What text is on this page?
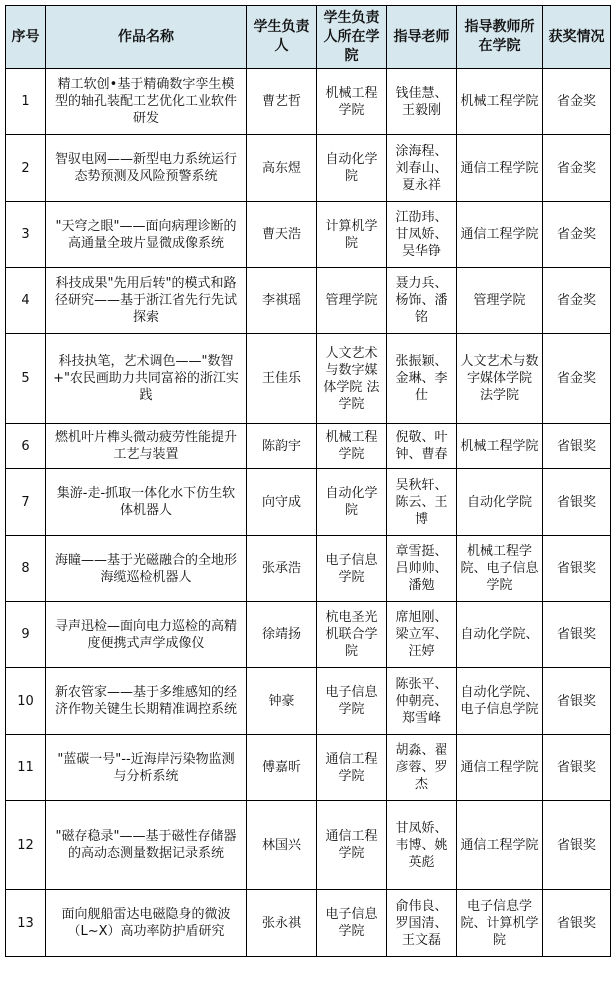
序号	作品名称	学生负责人	学生负责人所在学院	指导老师	指导教师所在学院	获奖情况
1	精工软创•基于精确数字孪生模型的轴孔装配工艺优化工业软件研发	曹艺哲	机械工程学院	钱佳慧、王毅刚	机械工程学院	省金奖
2	智驭电网——新型电力系统运行态势预测及风险预警系统	高东煜	自动化学院	涂海程、刘春山、夏永祥	通信工程学院	省金奖
3	"天穹之眼"——面向病理诊断的高通量全玻片显微成像系统	曹天浩	计算机学院	江劭玮、甘凤娇、吴华铮	通信工程学院	省金奖
4	科技成果"先用后转"的模式和路径研究——基于浙江省先行先试探索	李祺瑶	管理学院	聂力兵、杨饰、潘铭	管理学院	省金奖
5	科技执笔，艺术调色——"数智+"农民画助力共同富裕的浙江实践	王佳乐	人文艺术与数字媒体学院 法学院	张振颖、金琳、李仕	人文艺术与数字媒体学院 法学院	省金奖
6	燃机叶片榫头微动疲劳性能提升工艺与装置	陈韵宇	机械工程学院	倪敬、叶钟、曹春	机械工程学院	省银奖
7	集游-走-抓取一体化水下仿生软体机器人	向守成	自动化学院	吴秋轩、陈云、王博	自动化学院	省银奖
8	海瞳——基于光磁融合的全地形海缆巡检机器人	张承浩	电子信息学院	章雪挺、吕帅帅、潘勉	机械工程学院、电子信息学院	省银奖
9	寻声迅检—面向电力巡检的高精度便携式声学成像仪	徐靖扬	杭电圣光机联合学院	席旭刚、梁立军、汪婷	自动化学院、	省银奖
10	新农管家——基于多维感知的经济作物关键生长期精准调控系统	钟豪	电子信息学院	陈张平、仲朝亮、郑雪峰	自动化学院、电子信息学院	省银奖
11	"蓝碳一号"--近海岸污染物监测与分析系统	傅嘉昕	通信工程学院	胡淼、翟彦蓉、罗杰	通信工程学院	省银奖
12	"磁存稳录"——基于磁性存储器的高动态测量数据记录系统	林国兴	通信工程学院	甘凤娇、韦博、姚英彪	通信工程学院	省银奖
13	面向舰船雷达电磁隐身的微波（L~X）高功率防护盾研究	张永祺	电子信息学院	俞伟良、罗国清、王文磊	电子信息学院、计算机学院	省银奖
